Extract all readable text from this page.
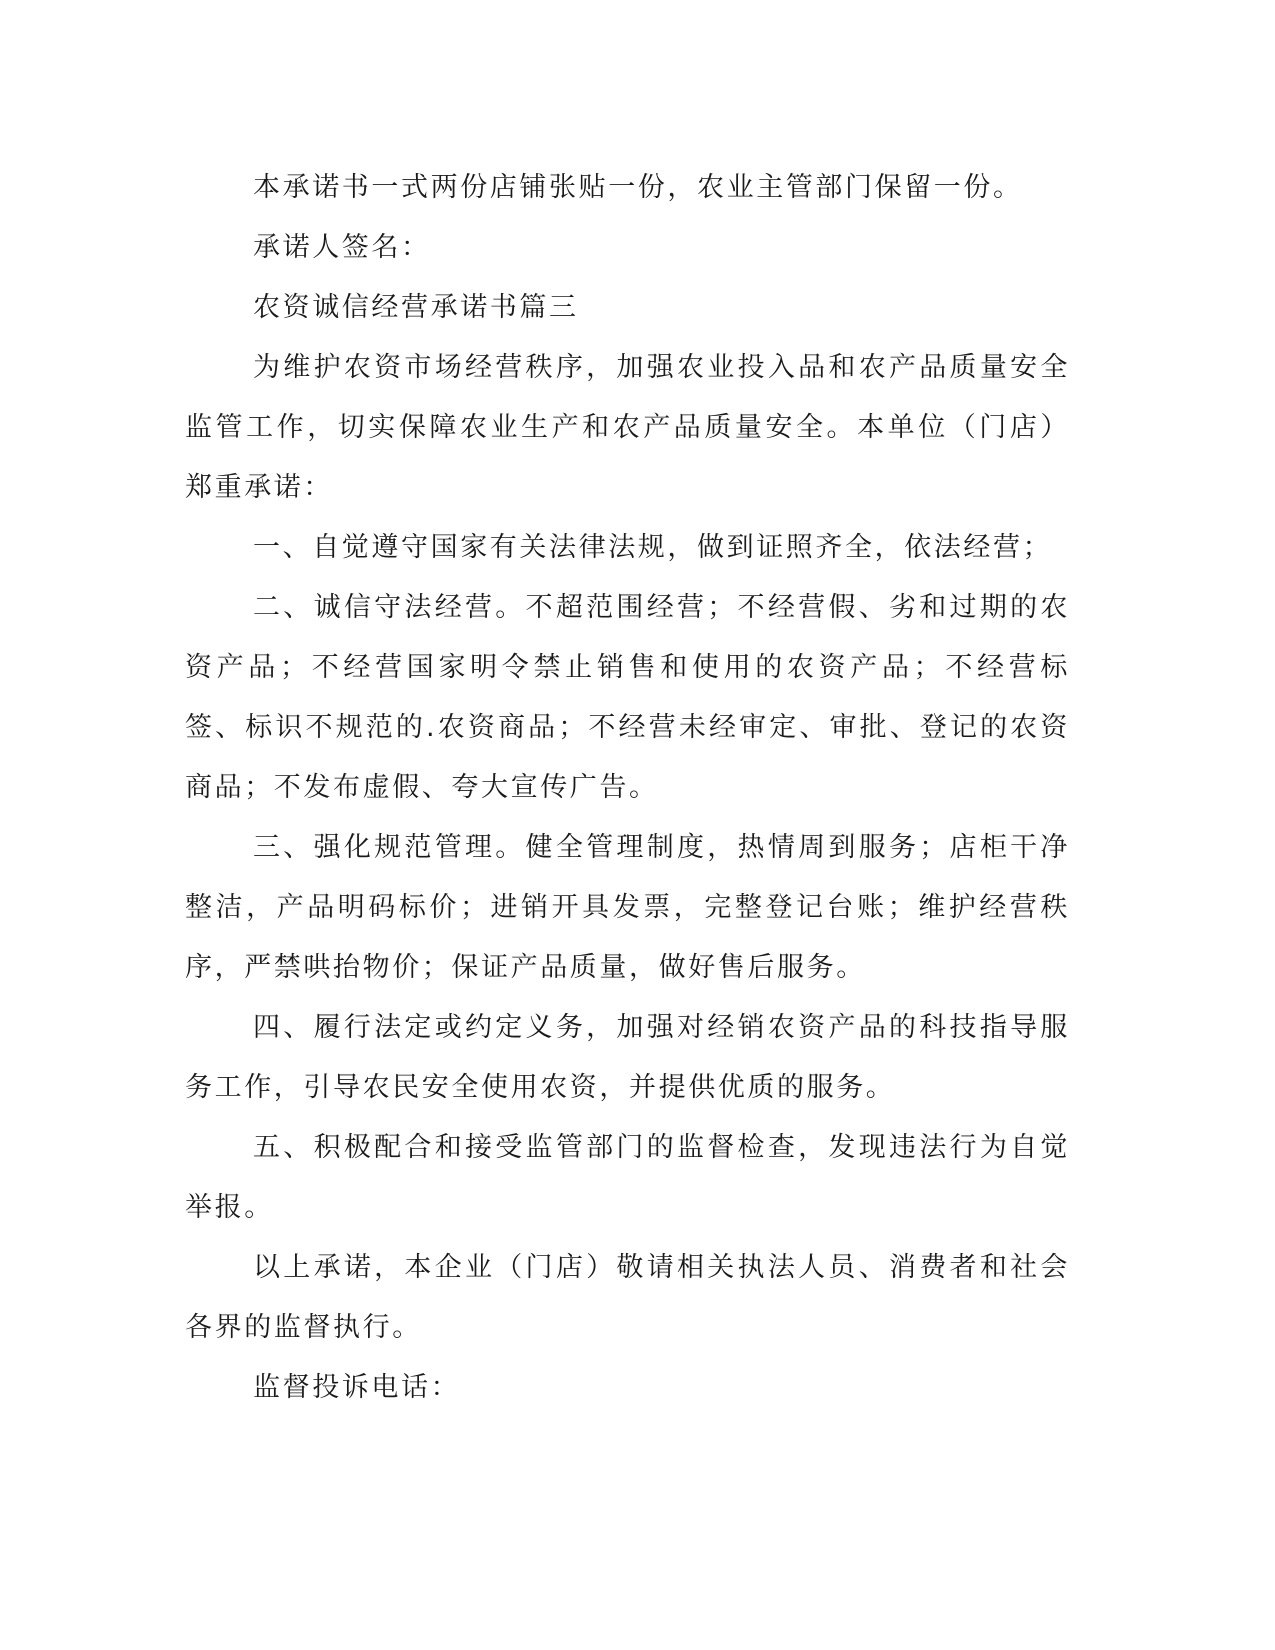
本承诺书一式两份店铺张贴一份，农业主管部门保留一份。

承诺人签名：

农资诚信经营承诺书篇三

为维护农资市场经营秩序，加强农业投入品和农产品质量安全监管工作，切实保障农业生产和农产品质量安全。本单位（门店）郑重承诺：

一、自觉遵守国家有关法律法规，做到证照齐全，依法经营；

二、诚信守法经营。不超范围经营；不经营假、劣和过期的农资产品；不经营国家明令禁止销售和使用的农资产品；不经营标签、标识不规范的.农资商品；不经营未经审定、审批、登记的农资商品；不发布虚假、夸大宣传广告。

三、强化规范管理。健全管理制度，热情周到服务；店柜干净整洁，产品明码标价；进销开具发票，完整登记台账；维护经营秩序，严禁哄抬物价；保证产品质量，做好售后服务。

四、履行法定或约定义务，加强对经销农资产品的科技指导服务工作，引导农民安全使用农资，并提供优质的服务。

五、积极配合和接受监管部门的监督检查，发现违法行为自觉举报。

以上承诺，本企业（门店）敬请相关执法人员、消费者和社会各界的监督执行。

监督投诉电话：
